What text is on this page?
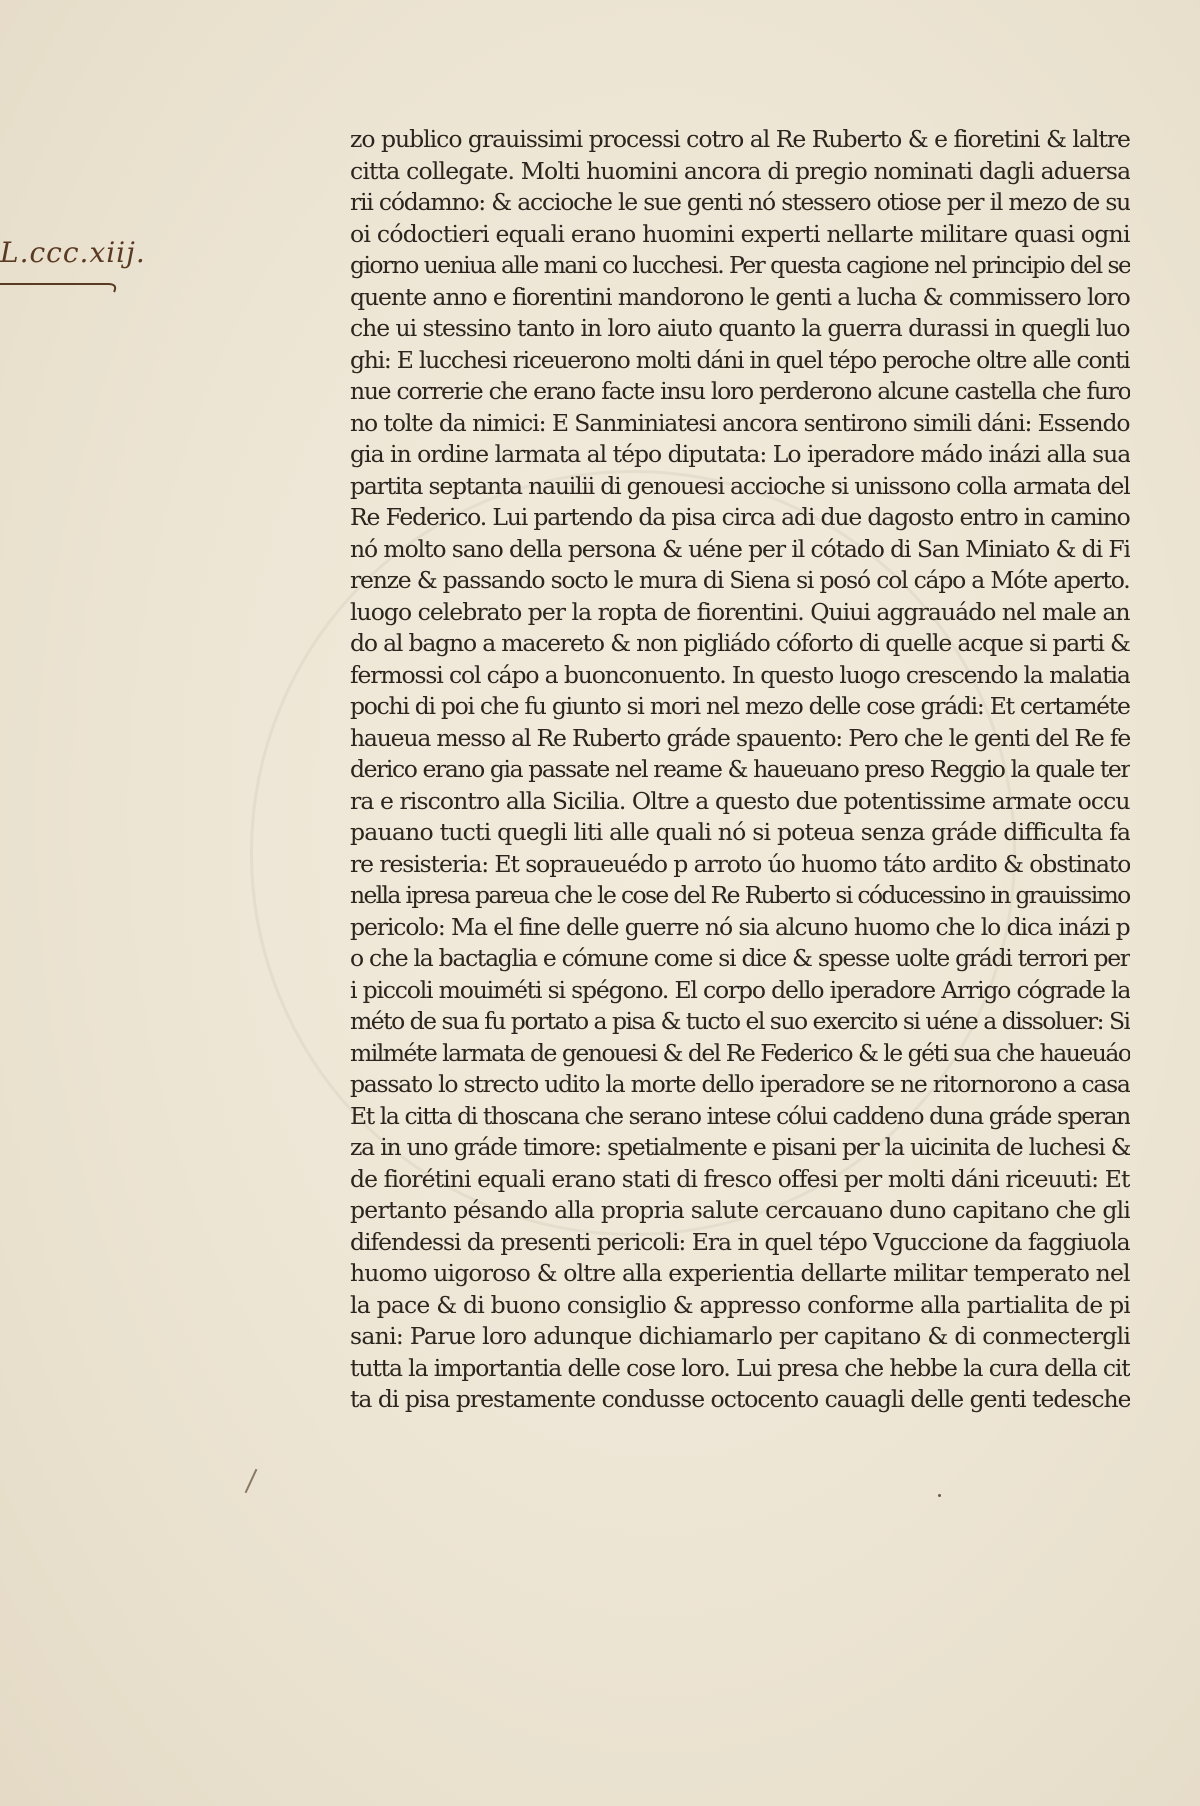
L.ccc.xiij.
zo publico grauissimi processi cotro al Re Ruberto & e fioretini & laltre
citta collegate. Molti huomini ancora di pregio nominati dagli aduersa
rii códamno: & accioche le sue genti nó stessero otiose per il mezo de su
oi códoctieri equali erano huomini experti nellarte militare quasi ogni
giorno ueniua alle mani co lucchesi. Per questa cagione nel principio del se
quente anno e fiorentini mandorono le genti a lucha & commissero loro
che ui stessino tanto in loro aiuto quanto la guerra durassi in quegli luo
ghi: E lucchesi riceuerono molti dáni in quel tépo peroche oltre alle conti
nue correrie che erano facte insu loro perderono alcune castella che furo
no tolte da nimici: E Sanminiatesi ancora sentirono simili dáni: Essendo
gia in ordine larmata al tépo diputata: Lo iperadore mádo inázi alla sua
partita septanta nauilii di genouesi accioche si unissono colla armata del
Re Federico. Lui partendo da pisa circa adi due dagosto entro in camino
nó molto sano della persona & uéne per il cótado di San Miniato & di Fi
renze & passando socto le mura di Siena si posó col cápo a Móte aperto.
luogo celebrato per la ropta de fiorentini. Quiui aggrauádo nel male an
do al bagno a macereto & non pigliádo cóforto di quelle acque si parti &
fermossi col cápo a buonconuento. In questo luogo crescendo la malatia
pochi di poi che fu giunto si mori nel mezo delle cose grádi: Et certaméte
haueua messo al Re Ruberto gráde spauento: Pero che le genti del Re fe
derico erano gia passate nel reame & haueuano preso Reggio la quale ter
ra e riscontro alla Sicilia. Oltre a questo due potentissime armate occu
pauano tucti quegli liti alle quali nó si poteua senza gráde difficulta fa
re resisteria: Et sopraueuédo p arroto úo huomo táto ardito & obstinato
nella ipresa pareua che le cose del Re Ruberto si códucessino in grauissimo
pericolo: Ma el fine delle guerre nó sia alcuno huomo che lo dica inázi p
o che la bactaglia e cómune come si dice & spesse uolte grádi terrori per
i piccoli mouiméti si spégono. El corpo dello iperadore Arrigo cógrade la
méto de sua fu portato a pisa & tucto el suo exercito si uéne a dissoluer: Si
milméte larmata de genouesi & del Re Federico & le géti sua che haueuáo
passato lo strecto udito la morte dello iperadore se ne ritornorono a casa
Et la citta di thoscana che serano intese cólui caddeno duna gráde speran
za in uno gráde timore: spetialmente e pisani per la uicinita de luchesi &
de fiorétini equali erano stati di fresco offesi per molti dáni riceuuti: Et
pertanto pésando alla propria salute cercauano duno capitano che gli
difendessi da presenti pericoli: Era in quel tépo Vguccione da faggiuola
huomo uigoroso & oltre alla experientia dellarte militar temperato nel
la pace & di buono consiglio & appresso conforme alla partialita de pi
sani: Parue loro adunque dichiamarlo per capitano & di conmectergli
tutta la importantia delle cose loro. Lui presa che hebbe la cura della cit
ta di pisa prestamente condusse octocento cauagli delle genti tedesche
